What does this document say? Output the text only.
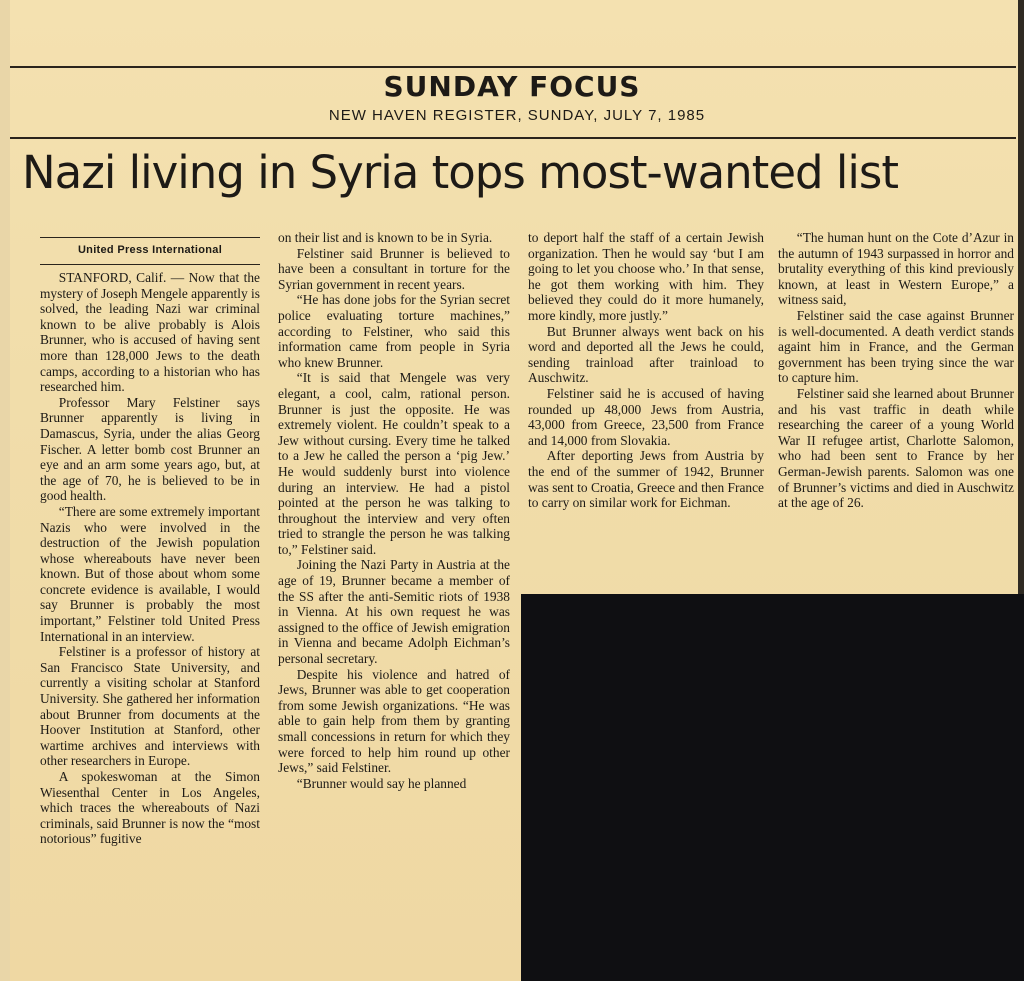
SUNDAY FOCUS
NEW HAVEN REGISTER, SUNDAY, JULY 7, 1985
Nazi living in Syria tops most-wanted list
United Press International

STANFORD, Calif. — Now that the mystery of Joseph Mengele apparently is solved, the leading Nazi war criminal known to be alive probably is Alois Brunner, who is accused of having sent more than 128,000 Jews to the death camps, according to a historian who has researched him.

Professor Mary Felstiner says Brunner apparently is living in Damascus, Syria, under the alias Georg Fischer. A letter bomb cost Brunner an eye and an arm some years ago, but, at the age of 70, he is believed to be in good health.

“There are some extremely important Nazis who were involved in the destruction of the Jewish population whose whereabouts have never been known. But of those about whom some concrete evidence is available, I would say Brunner is probably the most important,” Felstiner told United Press International in an interview.

Felstiner is a professor of history at San Francisco State University, and currently a visiting scholar at Stanford University. She gathered her information about Brunner from documents at the Hoover Institution at Stanford, other wartime archives and interviews with other researchers in Europe.

A spokeswoman at the Simon Wiesenthal Center in Los Angeles, which traces the whereabouts of Nazi criminals, said Brunner is now the “most notorious” fugitive

on their list and is known to be in Syria.

Felstiner said Brunner is believed to have been a consultant in torture for the Syrian government in recent years.

“He has done jobs for the Syrian secret police evaluating torture machines,” according to Felstiner, who said this information came from people in Syria who knew Brunner.

“It is said that Mengele was very elegant, a cool, calm, rational person. Brunner is just the opposite. He was extremely violent. He couldn’t speak to a Jew without cursing. Every time he talked to a Jew he called the person a ‘pig Jew.’ He would suddenly burst into violence during an interview. He had a pistol pointed at the person he was talking to throughout the interview and very often tried to strangle the person he was talking to,” Felstiner said.

Joining the Nazi Party in Austria at the age of 19, Brunner became a member of the SS after the anti-Semitic riots of 1938 in Vienna. At his own request he was assigned to the office of Jewish emigration in Vienna and became Adolph Eichman’s personal secretary.

Despite his violence and hatred of Jews, Brunner was able to get cooperation from some Jewish organizations. “He was able to gain help from them by granting small concessions in return for which they were forced to help him round up other Jews,” said Felstiner.

“Brunner would say he planned

to deport half the staff of a certain Jewish organization. Then he would say ‘but I am going to let you choose who.’ In that sense, he got them working with him. They believed they could do it more humanely, more kindly, more justly.”

But Brunner always went back on his word and deported all the Jews he could, sending trainload after trainload to Auschwitz.

Felstiner said he is accused of having rounded up 48,000 Jews from Austria, 43,000 from Greece, 23,500 from France and 14,000 from Slovakia.

After deporting Jews from Austria by the end of the summer of 1942, Brunner was sent to Croatia, Greece and then France to carry on similar work for Eichman.

“The human hunt on the Cote d’Azur in the autumn of 1943 surpassed in horror and brutality everything of this kind previously known, at least in Western Europe,” a witness said,

Felstiner said the case against Brunner is well-documented. A death verdict stands againt him in France, and the German government has been trying since the war to capture him.

Felstiner said she learned about Brunner and his vast traffic in death while researching the career of a young World War II refugee artist, Charlotte Salomon, who had been sent to France by her German-Jewish parents. Salomon was one of Brunner’s victims and died in Auschwitz at the age of 26.
